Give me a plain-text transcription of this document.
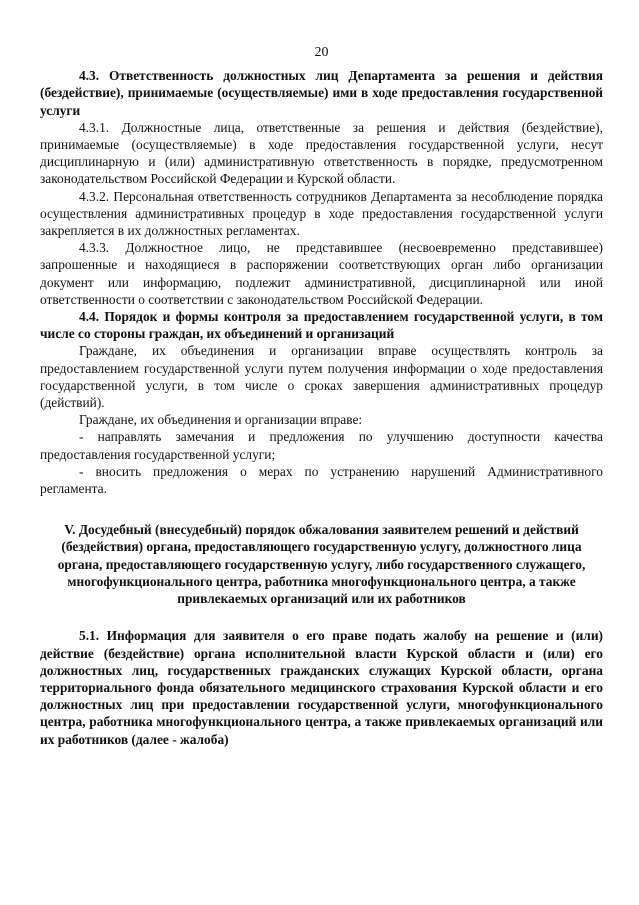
20

4.3. Ответственность должностных лиц Департамента за решения и действия (бездействие), принимаемые (осуществляемые) ими в ходе предоставления государственной услуги

4.3.1. Должностные лица, ответственные за решения и действия (бездействие), принимаемые (осуществляемые) в ходе предоставления государственной услуги, несут дисциплинарную и (или) административную ответственность в порядке, предусмотренном законодательством Российской Федерации и Курской области.

4.3.2. Персональная ответственность сотрудников Департамента за несоблюдение порядка осуществления административных процедур в ходе предоставления государственной услуги закрепляется в их должностных регламентах.

4.3.3. Должностное лицо, не представившее (несвоевременно представившее) запрошенные и находящиеся в распоряжении соответствующих орган либо организации документ или информацию, подлежит административной, дисциплинарной или иной ответственности о соответствии с законодательством Российской Федерации.

4.4. Порядок и формы контроля за предоставлением государственной услуги, в том числе со стороны граждан, их объединений и организаций

Граждане, их объединения и организации вправе осуществлять контроль за предоставлением государственной услуги путем получения информации о ходе предоставления государственной услуги, в том числе о сроках завершения административных процедур (действий).

Граждане, их объединения и организации вправе:

- направлять замечания и предложения по улучшению доступности качества предоставления государственной услуги;

- вносить предложения о мерах по устранению нарушений Административного регламента.

V. Досудебный (внесудебный) порядок обжалования заявителем решений и действий (бездействия) органа, предоставляющего государственную услугу, должностного лица органа, предоставляющего государственную услугу, либо государственного служащего, многофункционального центра, работника многофункционального центра, а также привлекаемых организаций или их работников

5.1. Информация для заявителя о его праве подать жалобу на решение и (или) действие (бездействие) органа исполнительной власти Курской области и (или) его должностных лиц, государственных гражданских служащих Курской области, органа территориального фонда обязательного медицинского страхования Курской области и его должностных лиц при предоставлении государственной услуги, многофункционального центра, работника многофункционального центра, а также привлекаемых организаций или их работников (далее - жалоба)
